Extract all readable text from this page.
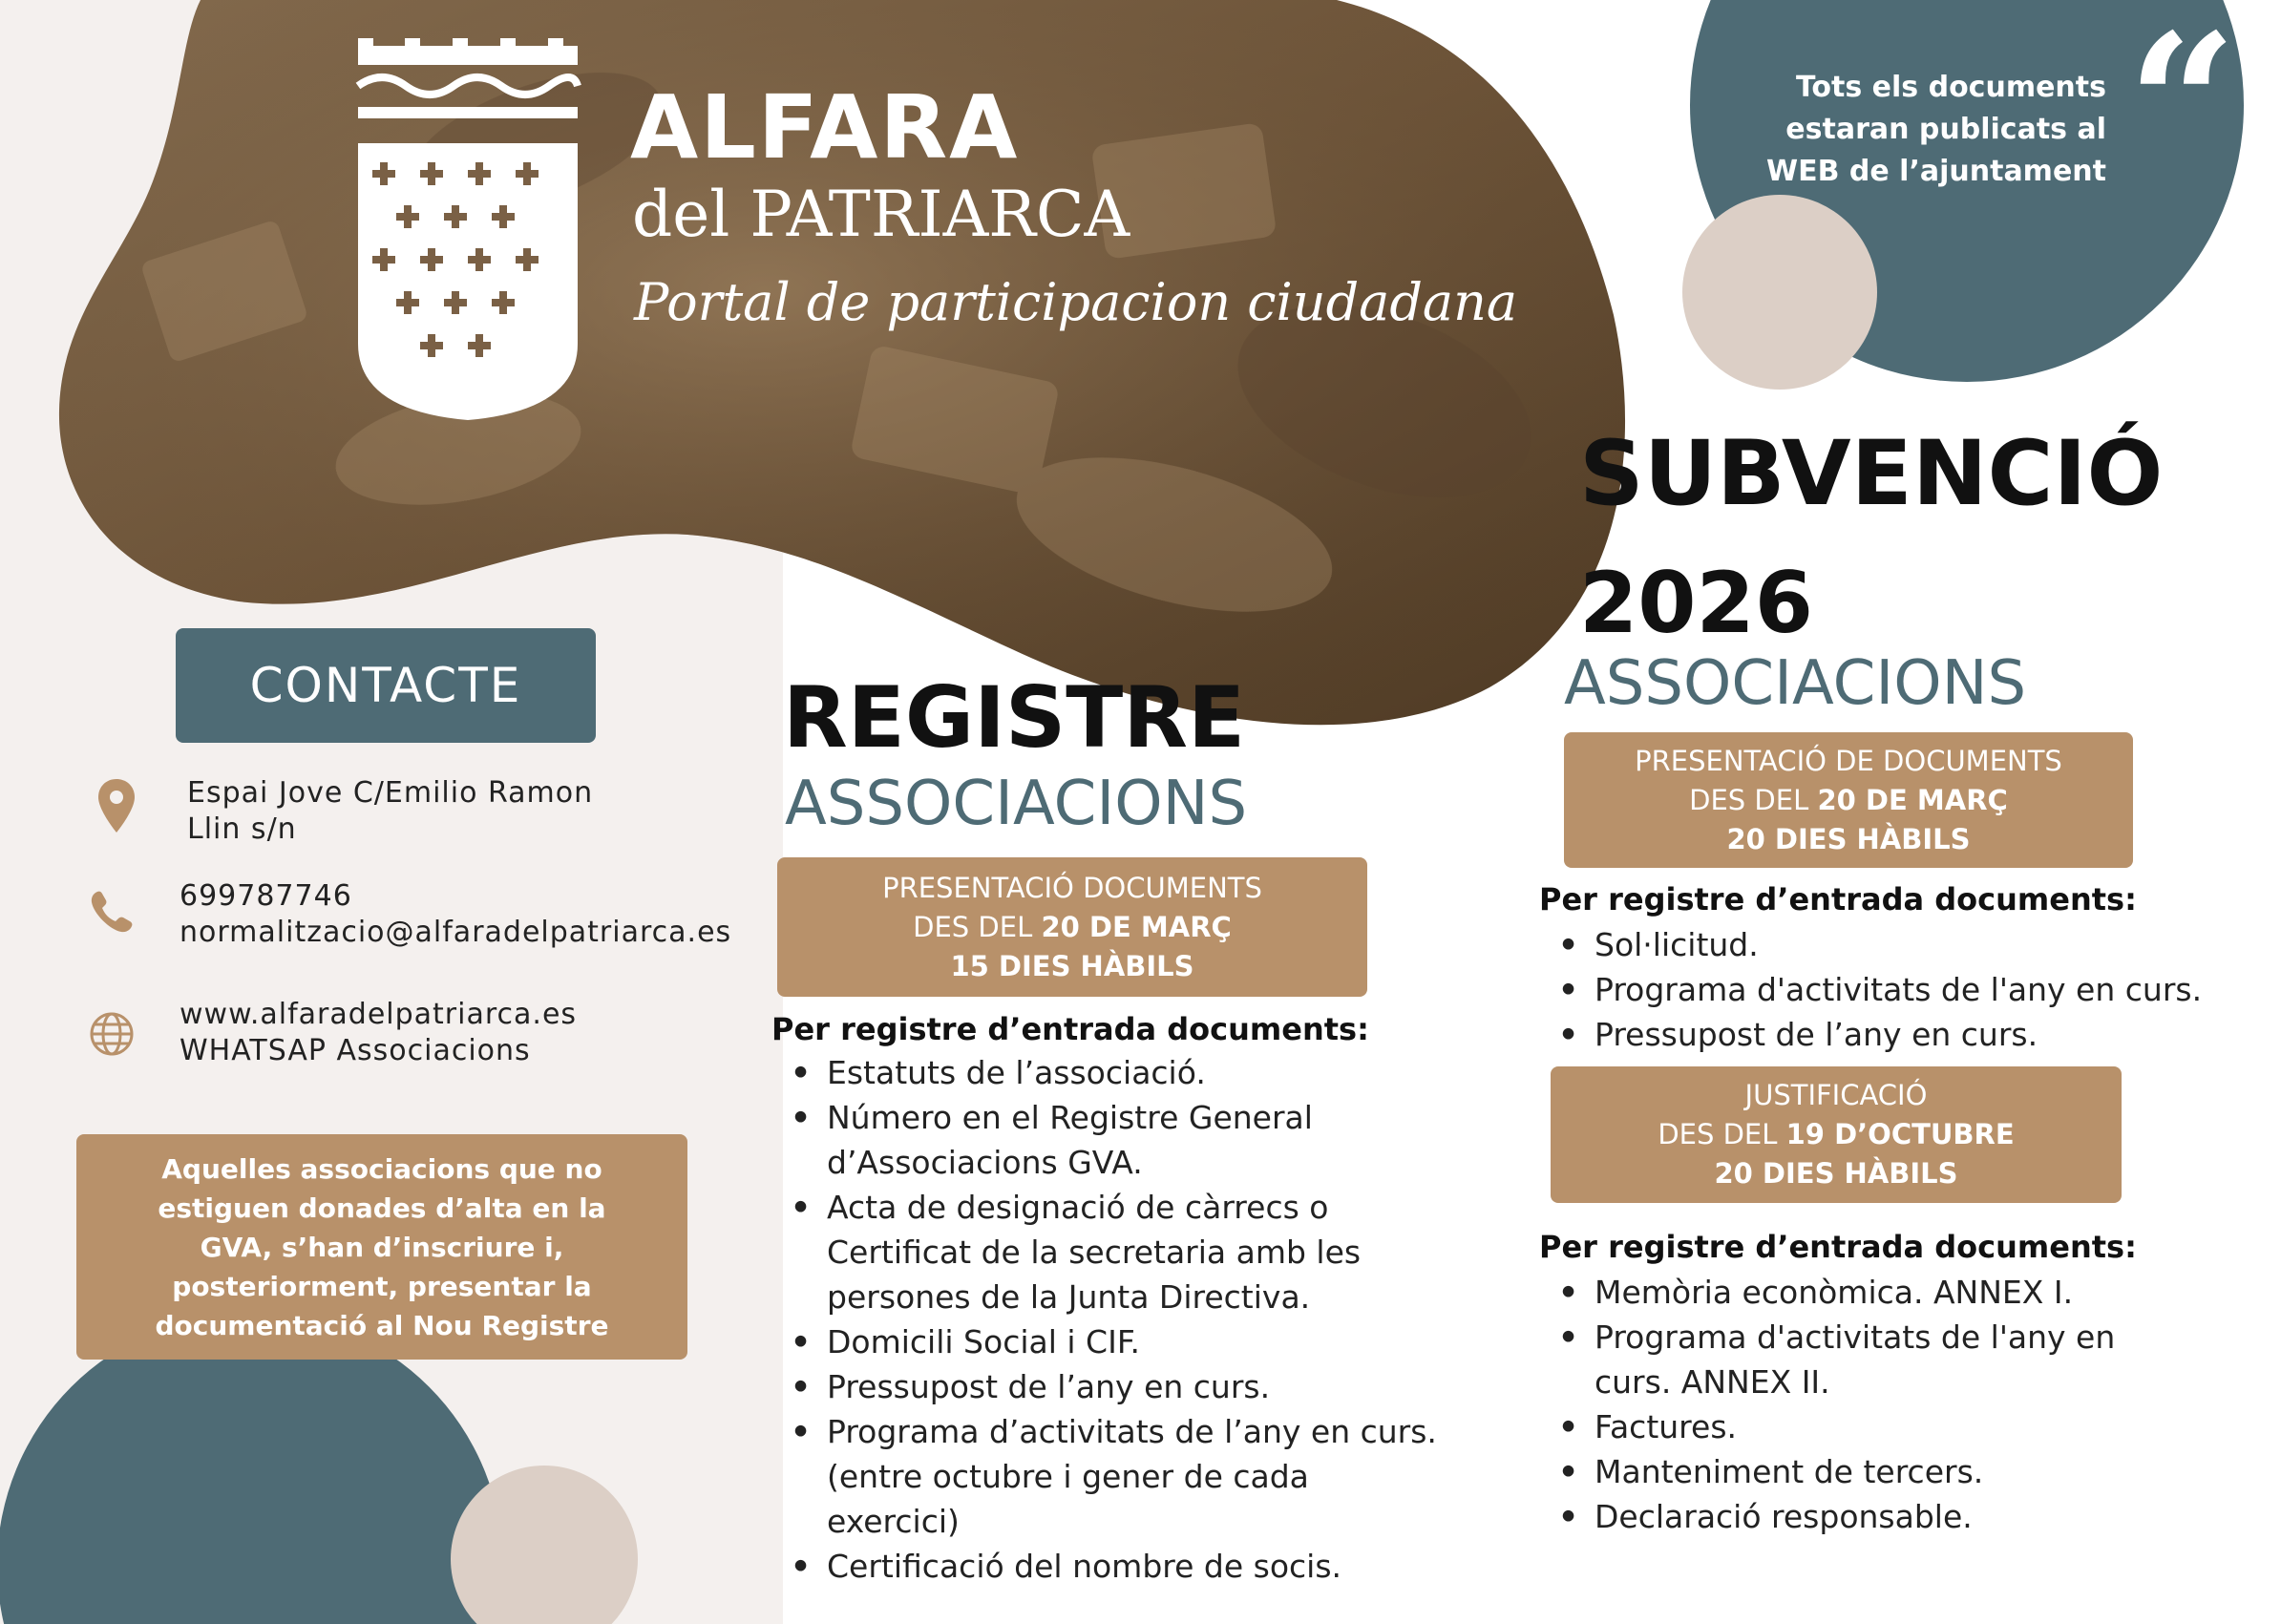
ALFARA
del PATRIARCA
Portal de participacion ciudadana
Tots els documents
estaran publicats al
WEB de l’ajuntament “
CONTACTE
Espai Jove C/Emilio Ramon
Llin s/n
699787746
normalitzacio@alfaradelpatriarca.es
www.alfaradelpatriarca.es
WHATSAP Associacions
Aquelles associacions que no
estiguen donades d’alta en la
GVA, s’han d’inscriure i,
posteriorment, presentar la
documentació al Nou Registre
REGISTRE
ASSOCIACIONS
PRESENTACIÓ DOCUMENTS
DES DEL 20 DE MARÇ
15 DIES HÀBILS
Per registre d’entrada documents:
• Estatuts de l’associació.
• Número en el Registre General d’Associacions GVA.
• Acta de designació de càrrecs o Certificat de la secretaria amb les persones de la Junta Directiva.
• Domicili Social i CIF.
• Pressupost de l’any en curs.
• Programa d’activitats de l’any en curs. (entre octubre i gener de cada exercici)
• Certificació del nombre de socis.
SUBVENCIÓ
2026
ASSOCIACIONS
PRESENTACIÓ DE DOCUMENTS
DES DEL 20 DE MARÇ
20 DIES HÀBILS
Per registre d’entrada documents:
• Sol·licitud.
• Programa d'activitats de l'any en curs.
• Pressupost de l’any en curs.
JUSTIFICACIÓ
DES DEL 19 D’OCTUBRE
20 DIES HÀBILS
Per registre d’entrada documents:
• Memòria econòmica. ANNEX I.
• Programa d'activitats de l'any en curs. ANNEX II.
• Factures.
• Manteniment de tercers.
• Declaració responsable.
